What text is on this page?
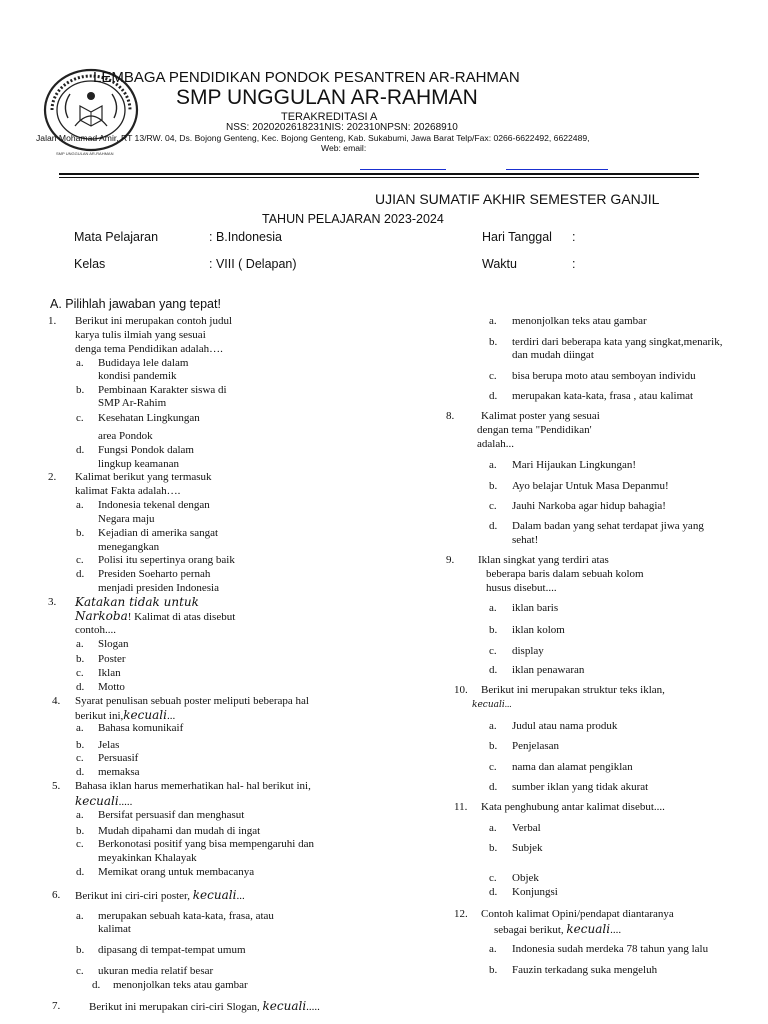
SMP UNGGULAN AR-RAHMAN
LEMBAGA PENDIDIKAN PONDOK PESANTREN AR-RAHMAN
SMP UNGGULAN AR-RAHMAN
TERAKREDITASI A
NSS: 2020202618231NIS: 202310NPSN: 20268910
Jalan Mohamad Amir, RT 13/RW. 04, Ds. Bojong Genteng, Kec. Bojong Genteng, Kab. Sukabumi, Jawa Barat Telp/Fax: 0266-6622492, 6622489,
Web: email:
UJIAN SUMATIF AKHIR SEMESTER GANJIL
TAHUN PELAJARAN 2023-2024
Mata Pelajaran	: B.Indonesia	Hari Tanggal :
Kelas	: VIII ( Delapan)	Waktu	:
A. Pilihlah jawaban yang tepat!
1. Berikut ini merupakan contoh judul
karya tulis ilmiah yang sesuai
denga tema Pendidikan adalah….
a. Budidaya lele dalam
kondisi pandemik
b. Pembinaan Karakter siswa di
SMP Ar-Rahim
c. Kesehatan Lingkungan
area Pondok
d. Fungsi Pondok dalam
lingkup keamanan
2. Kalimat berikut yang termasuk
kalimat Fakta adalah….
a. Indonesia tekenal dengan
Negara maju
b. Kejadian di amerika sangat
menegangkan
c. Polisi itu sepertinya orang baik
d. Presiden Soeharto pernah
menjadi presiden Indonesia
3. Katakan tidak untuk
Narkoba! Kalimat di atas disebut
contoh....
a. Slogan
b. Poster
c. Iklan
d. Motto
4. Syarat penulisan sebuah poster meliputi beberapa hal
berikut ini,kecuali...
a. Bahasa komunikaif
b. Jelas
c. Persuasif
d. memaksa
5. Bahasa iklan harus memerhatikan hal- hal berikut ini,
kecuali.....
a. Bersifat persuasif dan menghasut
b. Mudah dipahami dan mudah di ingat
c. Berkonotasi positif yang bisa mempengaruhi dan
meyakinkan Khalayak
d. Memikat orang untuk membacanya
6. Berikut ini ciri-ciri poster, kecuali...
a. merupakan sebuah kata-kata, frasa, atau
kalimat
b. dipasang di tempat-tempat umum
c. ukuran media relatif besar
d. menonjolkan teks atau gambar
7.	Berikut ini merupakan ciri-ciri Slogan, kecuali.....
a. menonjolkan teks atau gambar
b. terdiri dari beberapa kata yang singkat,menarik,
dan mudah diingat
c. bisa berupa moto atau semboyan individu
d. merupakan kata-kata, frasa , atau kalimat
8. Kalimat poster yang sesuai
dengan tema "Pendidikan'
adalah...
a. Mari Hijaukan Lingkungan!
b. Ayo belajar Untuk Masa Depanmu!
c. Jauhi Narkoba agar hidup bahagia!
d. Dalam badan yang sehat terdapat jiwa yang
sehat!
9. Iklan singkat yang terdiri atas
beberapa baris dalam sebuah kolom
husus disebut....
a. iklan baris
b. iklan kolom
c. display
d. iklan penawaran
10. Berikut ini merupakan struktur teks iklan,
kecuali...
a. Judul atau nama produk
b. Penjelasan
c. nama dan alamat pengiklan
d. sumber iklan yang tidak akurat
11. Kata penghubung antar kalimat disebut....
a. Verbal
b. Subjek
c. Objek
d. Konjungsi
12. Contoh kalimat Opini/pendapat diantaranya
sebagai berikut, kecuali....
a. Indonesia sudah merdeka 78 tahun yang lalu
b. Fauzin terkadang suka mengeluh
